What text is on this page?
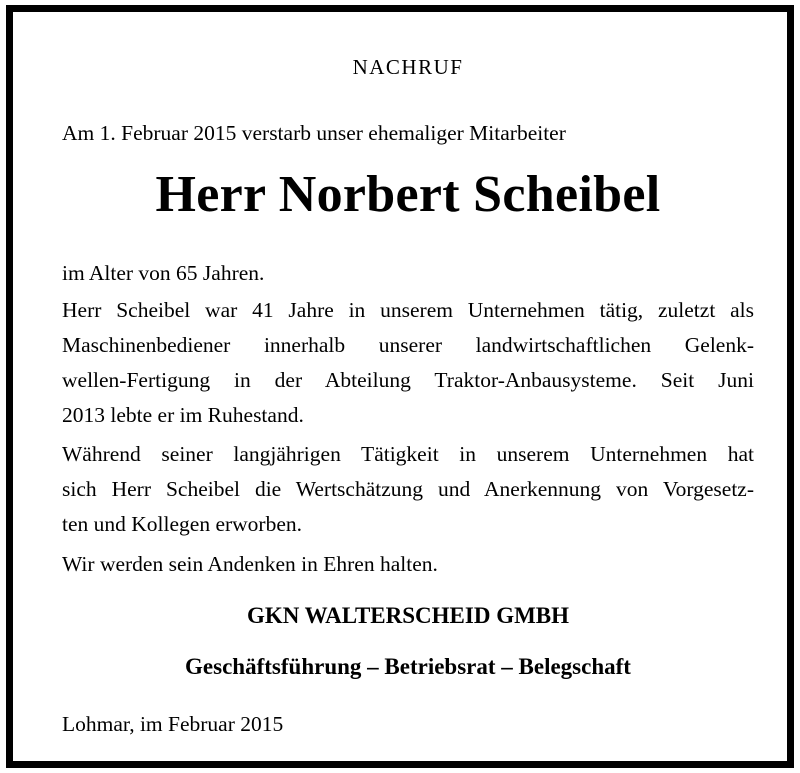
NACHRUF
Am 1. Februar 2015 verstarb unser ehemaliger Mitarbeiter
Herr Norbert Scheibel
im Alter von 65 Jahren.
Herr Scheibel war 41 Jahre in unserem Unternehmen tätig, zuletzt als
Maschinenbediener innerhalb unserer landwirtschaftlichen Gelenk-
wellen-Fertigung in der Abteilung Traktor-Anbausysteme. Seit Juni
2013 lebte er im Ruhestand.
Während seiner langjährigen Tätigkeit in unserem Unternehmen hat
sich Herr Scheibel die Wertschätzung und Anerkennung von Vorgesetz-
ten und Kollegen erworben.
Wir werden sein Andenken in Ehren halten.
GKN WALTERSCHEID GMBH
Geschäftsführung – Betriebsrat – Belegschaft
Lohmar, im Februar 2015
